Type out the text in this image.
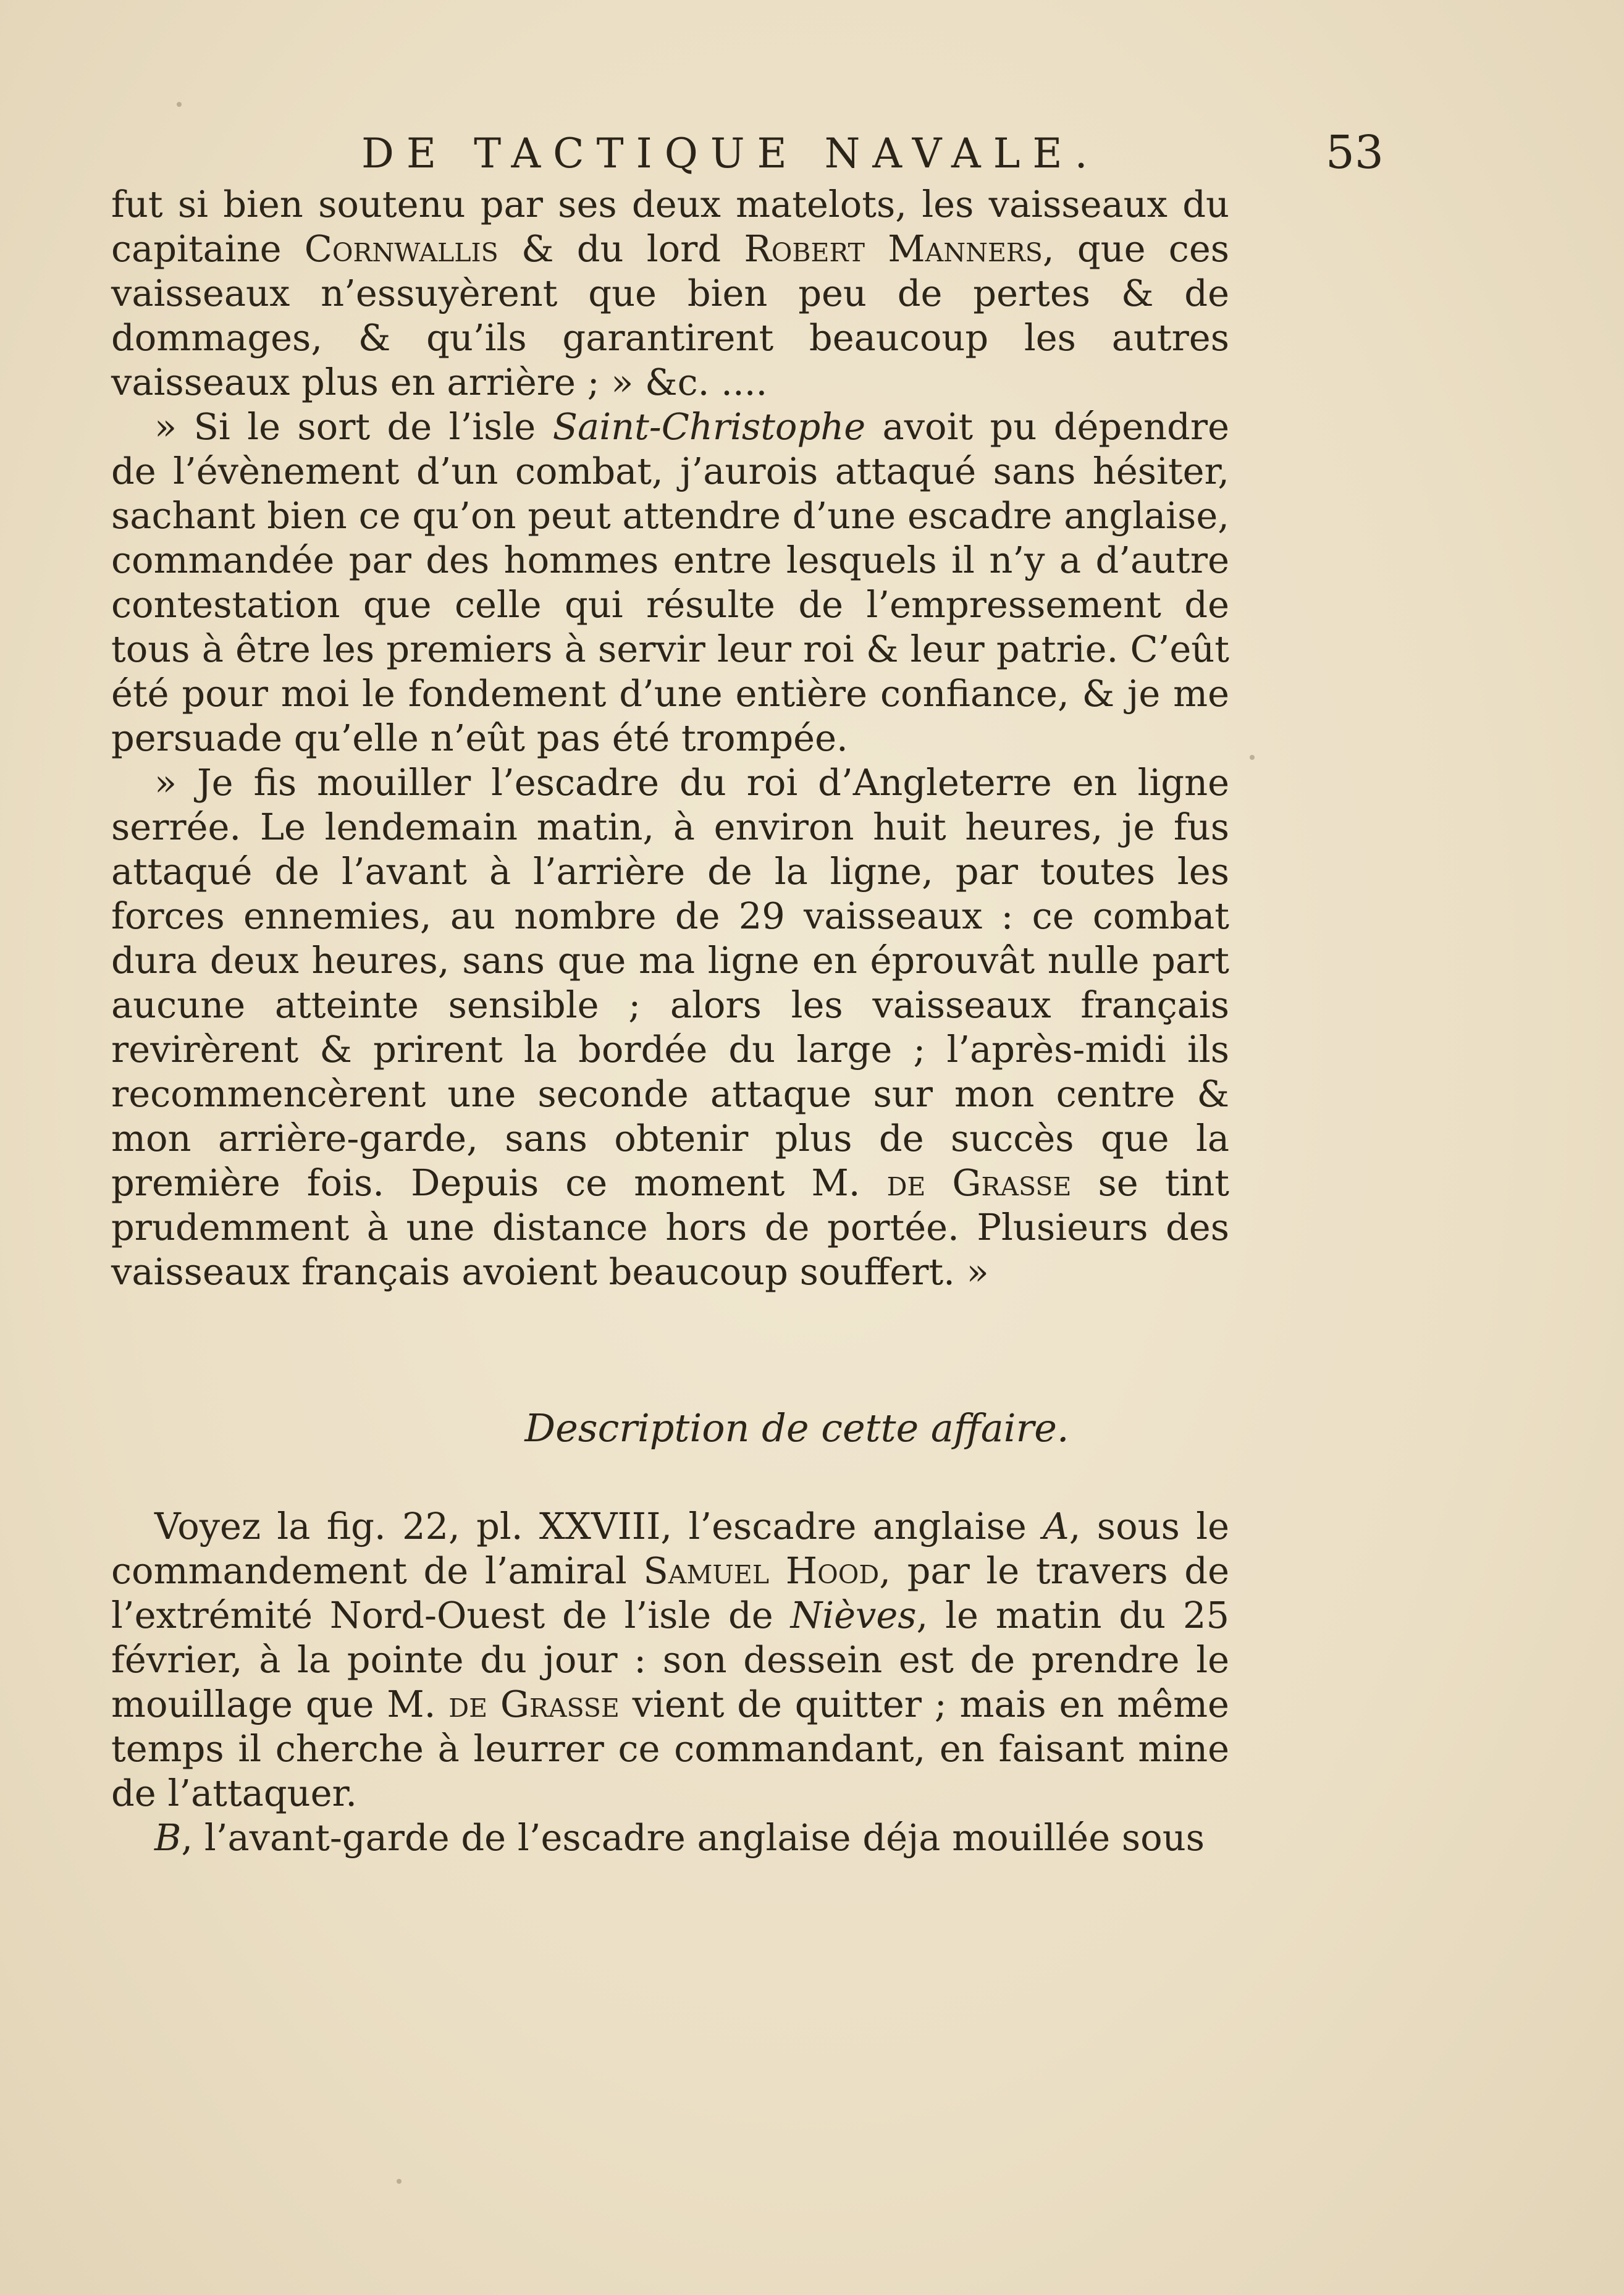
DE TACTIQUE NAVALE.	53

fut si bien soutenu par ses deux matelots, les vaisseaux du capitaine Cornwallis & du lord Robert Manners, que ces vaisseaux n’essuyèrent que bien peu de pertes & de dommages, & qu’ils garantirent beaucoup les autres vaisseaux plus en arrière ; » &c. ....

» Si le sort de l’isle Saint-Christophe avoit pu dépendre de l’évènement d’un combat, j’aurois attaqué sans hésiter, sachant bien ce qu’on peut attendre d’une escadre anglaise, commandée par des hommes entre lesquels il n’y a d’autre contestation que celle qui résulte de l’empressement de tous à être les premiers à servir leur roi & leur patrie. C’eût été pour moi le fondement d’une entière confiance, & je me persuade qu’elle n’eût pas été trompée.

» Je fis mouiller l’escadre du roi d’Angleterre en ligne serrée. Le lendemain matin, à environ huit heures, je fus attaqué de l’avant à l’arrière de la ligne, par toutes les forces ennemies, au nombre de 29 vaisseaux : ce combat dura deux heures, sans que ma ligne en éprouvât nulle part aucune atteinte sensible ; alors les vaisseaux français revirèrent & prirent la bordée du large ; l’après-midi ils recommencèrent une seconde attaque sur mon centre & mon arrière-garde, sans obtenir plus de succès que la première fois. Depuis ce moment M. de Grasse se tint prudemment à une distance hors de portée. Plusieurs des vaisseaux français avoient beaucoup souffert. »

Description de cette affaire.

Voyez la fig. 22, pl. XXVIII, l’escadre anglaise A, sous le commandement de l’amiral Samuel Hood, par le travers de l’extrémité Nord-Ouest de l’isle de Nièves, le matin du 25 février, à la pointe du jour : son dessein est de prendre le mouillage que M. de Grasse vient de quitter ; mais en même temps il cherche à leurrer ce commandant, en faisant mine de l’attaquer.

B, l’avant-garde de l’escadre anglaise déja mouillée sous
